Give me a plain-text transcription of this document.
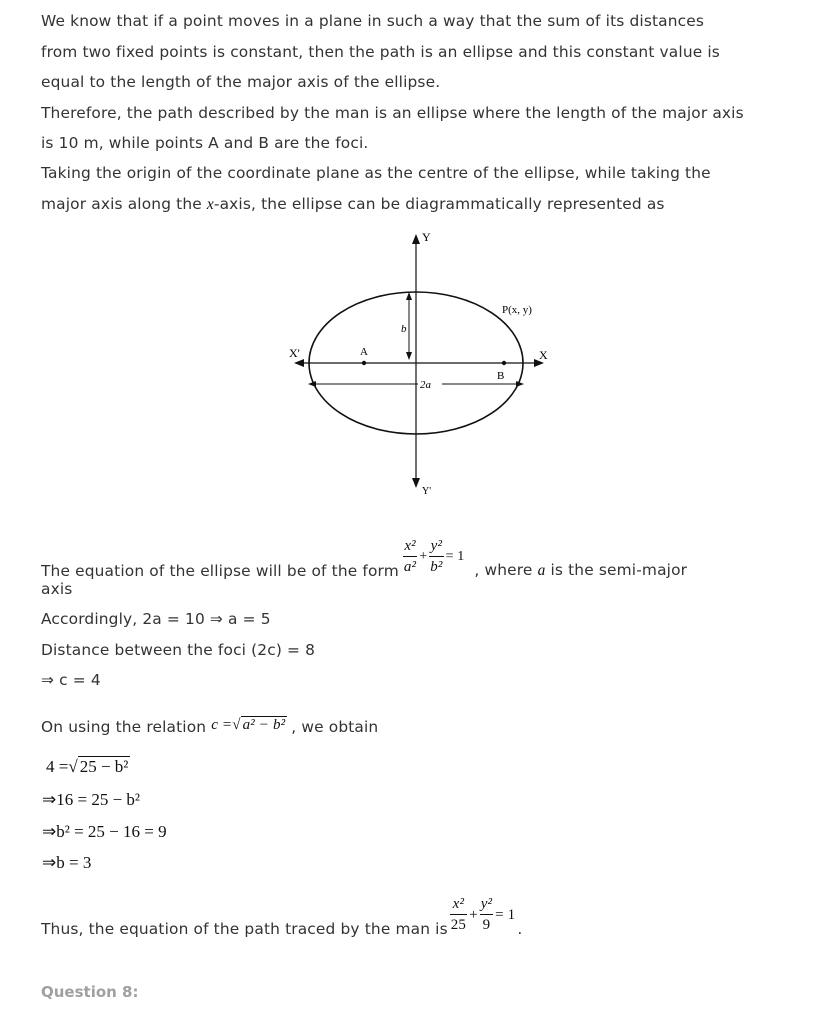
We know that if a point moves in a plane in such a way that the sum of its distances
from two fixed points is constant, then the path is an ellipse and this constant value is
equal to the length of the major axis of the ellipse.
Therefore, the path described by the man is an ellipse where the length of the major axis
is 10 m, while points A and B are the foci.
Taking the origin of the coordinate plane as the centre of the ellipse, while taking the
major axis along the x-axis, the ellipse can be diagrammatically represented as
Y
Y'
X'	X
A
B
P(x, y)
b
2a
The equation of the ellipse will be of the form $\frac{\text{x²}}{\text{a²}} + \frac{\text{y²}}{\text{b²}} = 1$
, where a is the semi-major
axis
Accordingly, 2a = 10 ⇒ a = 5
Distance between the foci (2c) = 8
⇒ c = 4
On using the relation c =√ a² − b² , we obtain
4 =√ 25 − b²
⇒16 = 25 − b²
⇒b² = 25 − 16 = 9
⇒b = 3
Thus, the equation of the path traced by the man is $\frac{\text{x²}}{25} + \frac{\text{y²}}{9} = 1$
.
Question 8:
